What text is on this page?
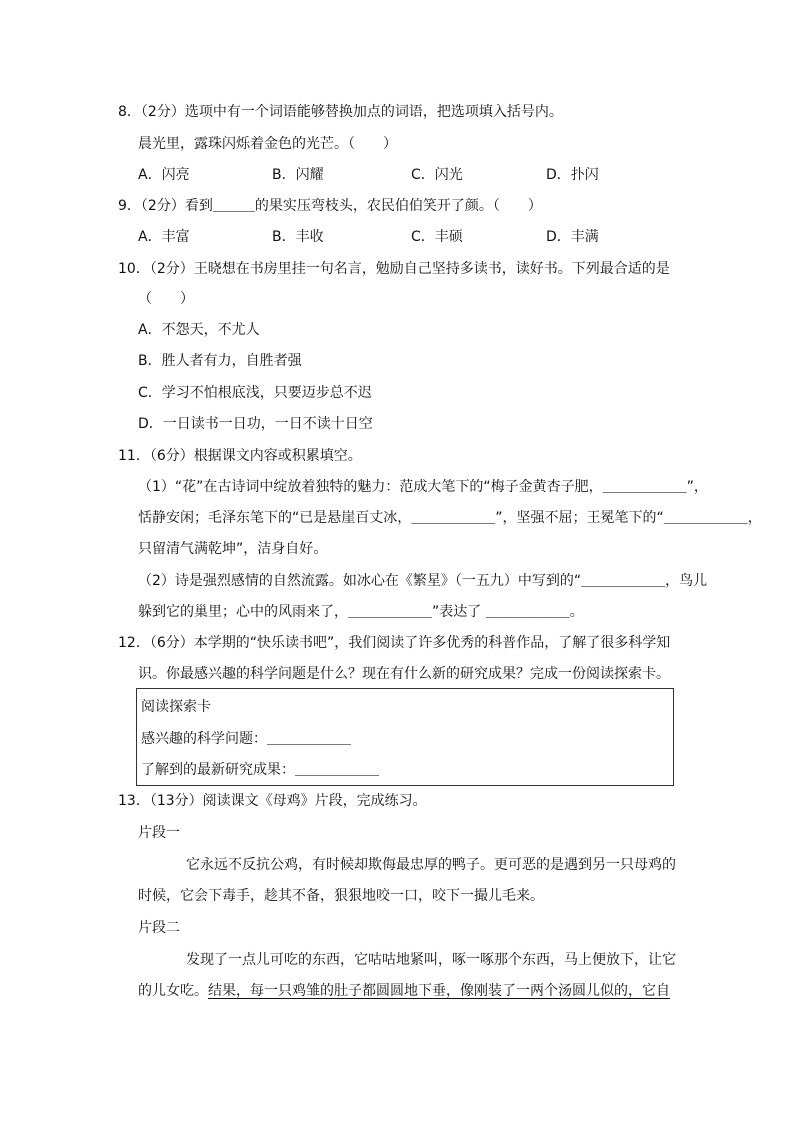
8．（2分）选项中有一个词语能够替换加点的词语，把选项填入括号内。
晨光里，露珠闪烁着金色的光芒。（　　）
A．闪亮	B．闪耀	C．闪光	D．扑闪
9．（2分）看到＿＿＿的果实压弯枝头，农民伯伯笑开了颜。（　　）
A．丰富	B．丰收	C．丰硕	D．丰满
10．（2分）王晓想在书房里挂一句名言，勉励自己坚持多读书，读好书。下列最合适的是
（　　）
A．不怨天，不尤人
B．胜人者有力，自胜者强
C．学习不怕根底浅，只要迈步总不迟
D．一日读书一日功，一日不读十日空
11．（6分）根据课文内容或积累填空。
（1）“花”在古诗词中绽放着独特的魅力：范成大笔下的“梅子金黄杏子肥，＿＿＿＿＿＿”，
恬静安闲；毛泽东笔下的“已是悬崖百丈冰，＿＿＿＿＿＿”，坚强不屈；王冕笔下的“＿＿＿＿＿＿，
只留清气满乾坤”，洁身自好。
（2）诗是强烈感情的自然流露。如冰心在《繁星》（一五九）中写到的“＿＿＿＿＿＿，鸟儿
躲到它的巢里；心中的风雨来了，＿＿＿＿＿＿”表达了 ＿＿＿＿＿＿。
12．（6分）本学期的“快乐读书吧”，我们阅读了许多优秀的科普作品，了解了很多科学知
识。你最感兴趣的科学问题是什么？现在有什么新的研究成果？完成一份阅读探索卡。
阅读探索卡
感兴趣的科学问题：＿＿＿＿＿＿
了解到的最新研究成果：＿＿＿＿＿＿
13．（13分）阅读课文《母鸡》片段，完成练习。
片段一
它永远不反抗公鸡，有时候却欺侮最忠厚的鸭子。更可恶的是遇到另一只母鸡的
时候，它会下毒手，趁其不备，狠狠地咬一口，咬下一撮儿毛来。
片段二
发现了一点儿可吃的东西，它咕咕地紧叫，啄一啄那个东西，马上便放下，让它
的儿女吃。结果，每一只鸡雏的肚子都圆圆地下垂，像刚装了一两个汤圆儿似的，它自
